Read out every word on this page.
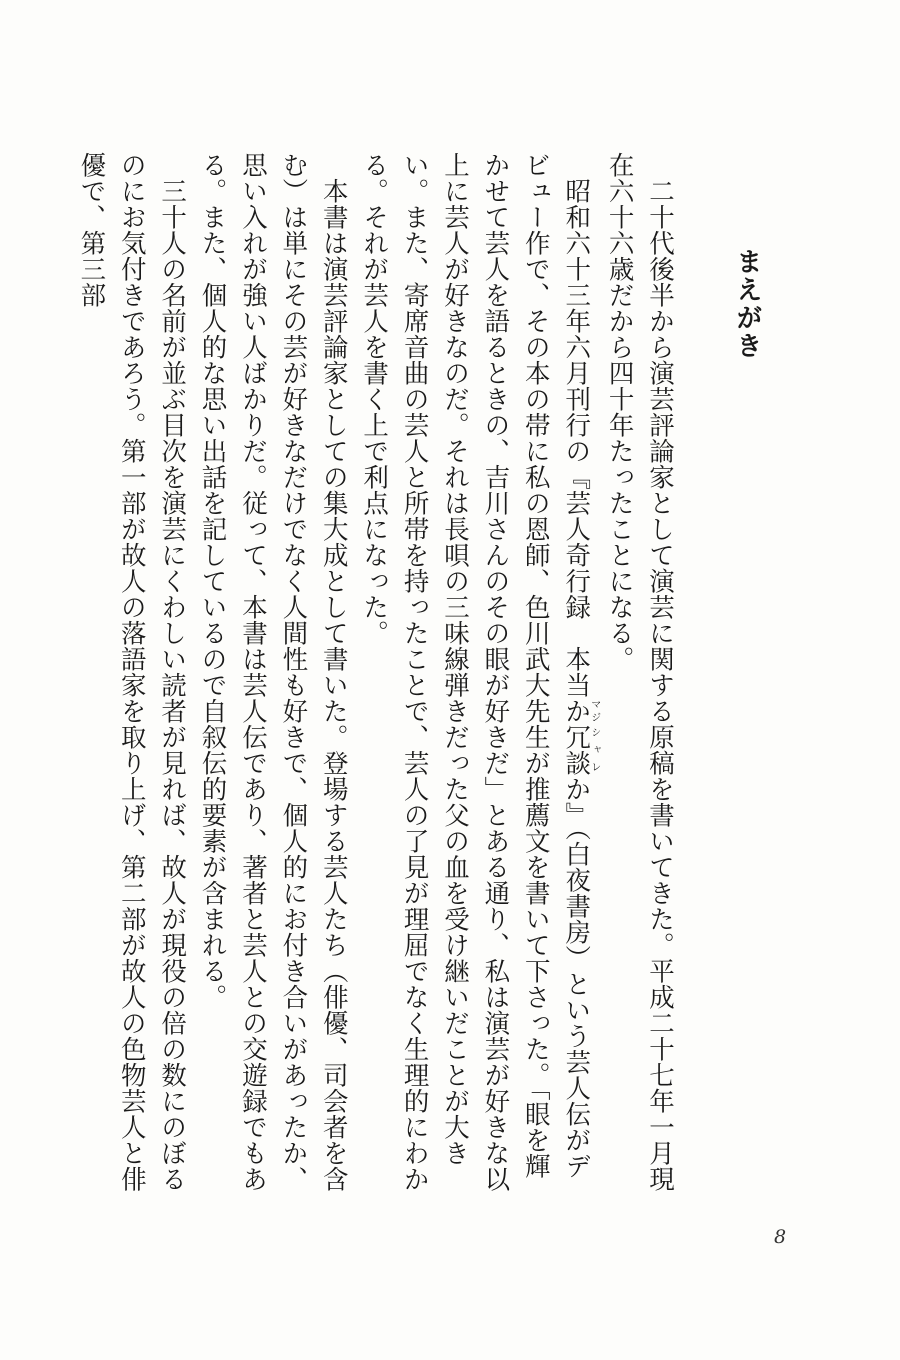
まえがき

二十代後半から演芸評論家として演芸に関する原稿を書いてきた。平成二十七年一月現在六十六歳だから四十年たったことになる。

昭和六十三年六月刊行の『芸人奇行録　本当かマジ冗談シャレか』（白夜書房）という芸人伝がデビュー作で、その本の帯に私の恩師、色川武大先生が推薦文を書いて下さった。「眼を輝かせて芸人を語るときの、吉川さんのその眼が好きだ」とある通り、私は演芸が好きな以上に芸人が好きなのだ。それは長唄の三味線弾きだった父の血を受け継いだことが大きい。また、寄席音曲の芸人と所帯を持ったことで、芸人の了見が理屈でなく生理的にわかる。それが芸人を書く上で利点になった。

本書は演芸評論家としての集大成として書いた。登場する芸人たち（俳優、司会者を含む）は単にその芸が好きなだけでなく人間性も好きで、個人的にお付き合いがあったか、思い入れが強い人ばかりだ。従って、本書は芸人伝であり、著者と芸人との交遊録でもある。また、個人的な思い出話を記しているので自叙伝的要素が含まれる。

三十人の名前が並ぶ目次を演芸にくわしい読者が見れば、故人が現役の倍の数にのぼるのにお気付きであろう。第一部が故人の落語家を取り上げ、第二部が故人の色物芸人と俳優で、第三部

8
